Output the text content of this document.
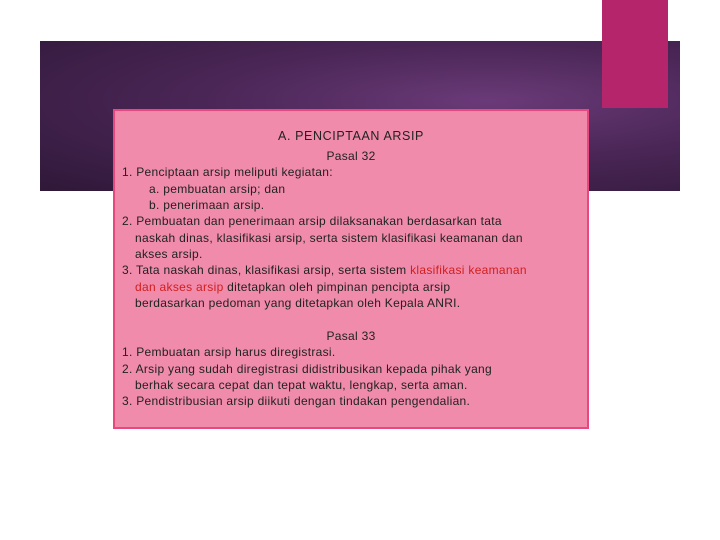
A. PENCIPTAAN ARSIP
Pasal 32
1. Penciptaan arsip meliputi kegiatan:
a. pembuatan arsip; dan
b. penerimaan arsip.
2. Pembuatan dan penerimaan arsip dilaksanakan berdasarkan tata
naskah dinas, klasifikasi arsip, serta sistem klasifikasi keamanan dan
akses arsip.
3. Tata naskah dinas, klasifikasi arsip, serta sistem klasifikasi keamanan
dan akses arsip ditetapkan oleh pimpinan pencipta arsip
berdasarkan pedoman yang ditetapkan oleh Kepala ANRI.
Pasal 33
1. Pembuatan arsip harus diregistrasi.
2. Arsip yang sudah diregistrasi didistribusikan kepada pihak yang
berhak secara cepat dan tepat waktu, lengkap, serta aman.
3. Pendistribusian arsip diikuti dengan tindakan pengendalian.
